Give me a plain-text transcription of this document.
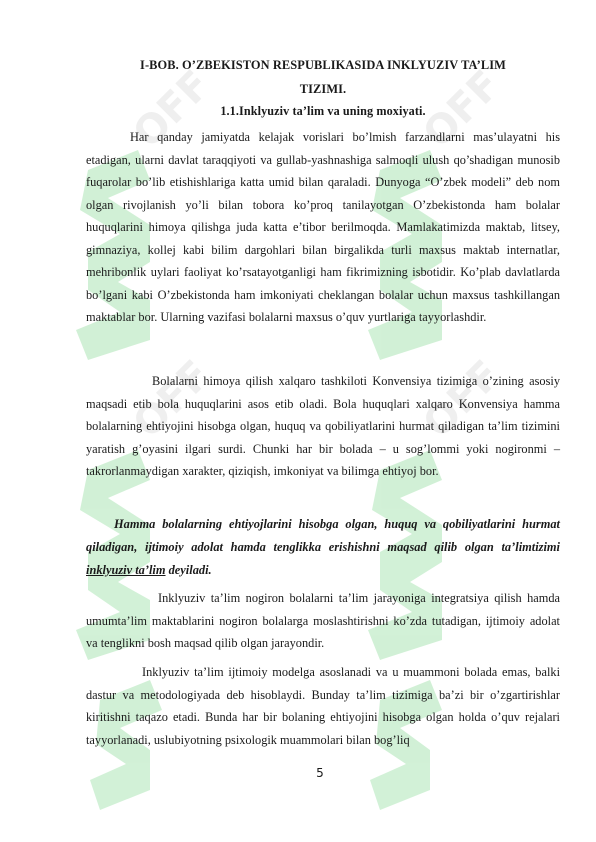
OFF
OFF
OFF
OFF
I-BOB. O’ZBEKISTON RESPUBLIKASIDA INKLYUZIV TA’LIM
TIZIMI.
1.1.Inklyuziv ta’lim va uning moxiyati.

Har qanday jamiyatda kelajak vorislari bo’lmish farzandlarni mas’ulayatni his etadigan, ularni davlat taraqqiyoti va gullab-yashnashiga salmoqli ulush qo’shadigan munosib fuqarolar bo’lib etishishlariga katta umid bilan qaraladi. Dunyoga “O’zbek modeli” deb nom olgan rivojlanish yo’li bilan tobora ko’proq tanilayotgan O’zbekistonda ham bolalar huquqlarini himoya qilishga juda katta e’tibor berilmoqda. Mamlakatimizda maktab, litsey, gimnaziya, kollej kabi bilim dargohlari bilan birgalikda turli maxsus maktab internatlar, mehribonlik uylari faoliyat ko’rsatayotganligi ham fikrimizning isbotidir. Ko’plab davlatlarda bo’lgani kabi O’zbekistonda ham imkoniyati cheklangan bolalar uchun maxsus tashkillangan maktablar bor. Ularning vazifasi bolalarni maxsus o’quv yurtlariga tayyorlashdir.

Bolalarni himoya qilish xalqaro tashkiloti Konvensiya tizimiga o’zining asosiy maqsadi etib bola huquqlarini asos etib oladi. Bola huquqlari xalqaro Konvensiya hamma bolalarning ehtiyojini hisobga olgan, huquq va qobiliyatlarini hurmat qiladigan ta’lim tizimini yaratish g’oyasini ilgari surdi. Chunki har bir bolada – u sog’lommi yoki nogironmi – takrorlanmaydigan xarakter, qiziqish, imkoniyat va bilimga ehtiyoj bor.

Hamma bolalarning ehtiyojlarini hisobga olgan, huquq va qobiliyatlarini hurmat qiladigan, ijtimoiy adolat hamda tenglikka erishishni maqsad qilib olgan ta’limtizimi inklyuziv ta’lim deyiladi.

Inklyuziv ta’lim nogiron bolalarni ta’lim jarayoniga integratsiya qilish hamda umumta’lim maktablarini nogiron bolalarga moslashtirishni ko’zda tutadigan, ijtimoiy adolat va tenglikni bosh maqsad qilib olgan jarayondir.

Inklyuziv ta’lim ijtimoiy modelga asoslanadi va u muammoni bolada emas, balki dastur va metodologiyada deb hisoblaydi. Bunday ta’lim tizimiga ba’zi bir o’zgartirishlar kiritishni taqazo etadi. Bunda har bir bolaning ehtiyojini hisobga olgan holda o’quv rejalari tayyorlanadi, uslubiyotning psixologik muammolari bilan bog’liq

5
